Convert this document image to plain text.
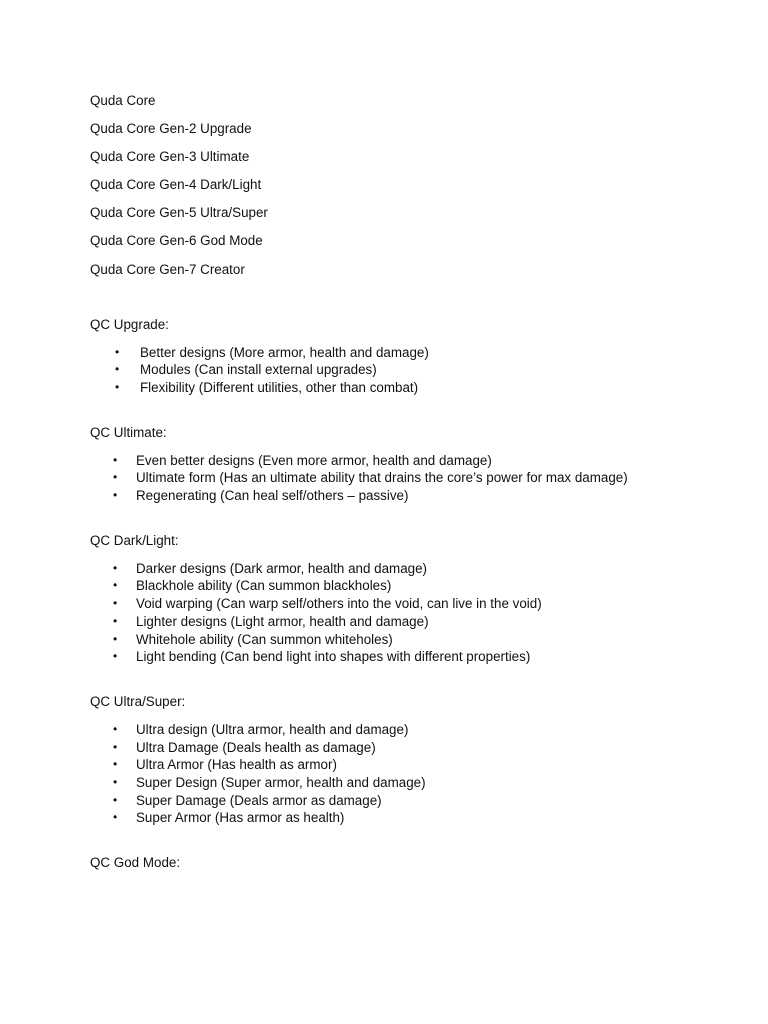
Quda Core
Quda Core Gen-2 Upgrade
Quda Core Gen-3 Ultimate
Quda Core Gen-4 Dark/Light
Quda Core Gen-5 Ultra/Super
Quda Core Gen-6 God Mode
Quda Core Gen-7 Creator
QC Upgrade:
• Better designs (More armor, health and damage)
• Modules (Can install external upgrades)
• Flexibility (Different utilities, other than combat)
QC Ultimate:
• Even better designs (Even more armor, health and damage)
• Ultimate form (Has an ultimate ability that drains the core’s power for max damage)
• Regenerating (Can heal self/others – passive)
QC Dark/Light:
• Darker designs (Dark armor, health and damage)
• Blackhole ability (Can summon blackholes)
• Void warping (Can warp self/others into the void, can live in the void)
• Lighter designs (Light armor, health and damage)
• Whitehole ability (Can summon whiteholes)
• Light bending (Can bend light into shapes with different properties)
QC Ultra/Super:
• Ultra design (Ultra armor, health and damage)
• Ultra Damage (Deals health as damage)
• Ultra Armor (Has health as armor)
• Super Design (Super armor, health and damage)
• Super Damage (Deals armor as damage)
• Super Armor (Has armor as health)
QC God Mode:
